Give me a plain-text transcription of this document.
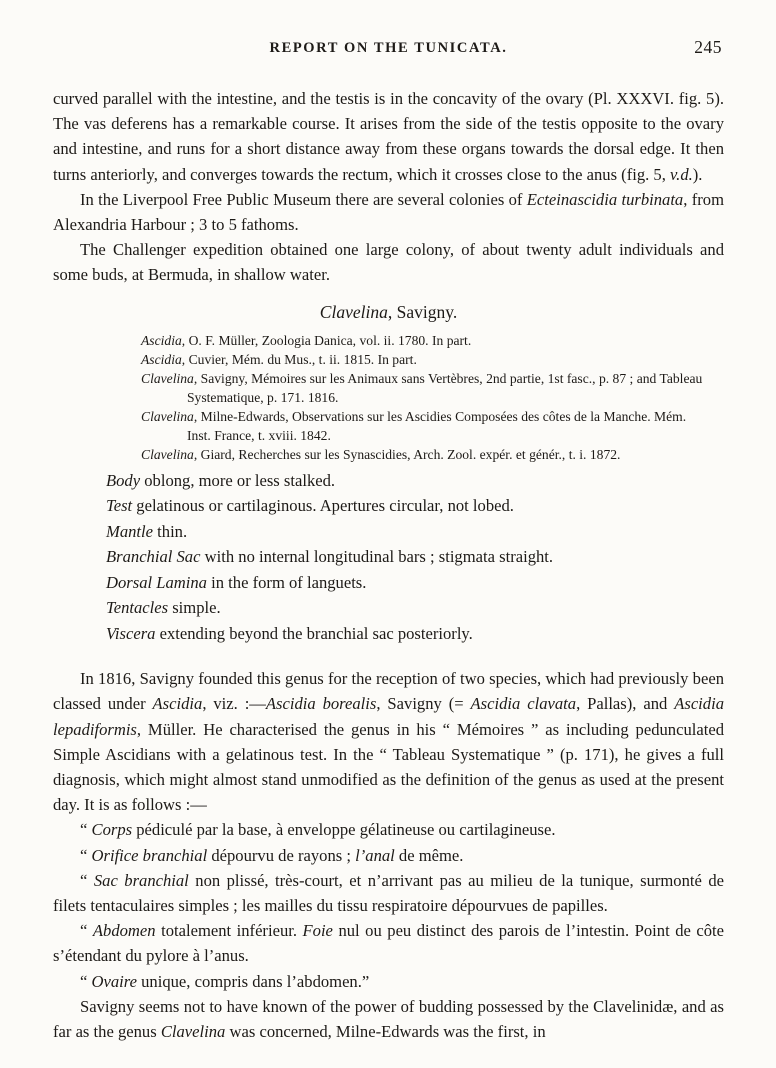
REPORT ON THE TUNICATA.	245

curved parallel with the intestine, and the testis is in the concavity of the ovary (Pl. XXXVI. fig. 5). The vas deferens has a remarkable course. It arises from the side of the testis opposite to the ovary and intestine, and runs for a short distance away from these organs towards the dorsal edge. It then turns anteriorly, and converges towards the rectum, which it crosses close to the anus (fig. 5, v.d.).

In the Liverpool Free Public Museum there are several colonies of Ecteinascidia turbinata, from Alexandria Harbour ; 3 to 5 fathoms.

The Challenger expedition obtained one large colony, of about twenty adult individuals and some buds, at Bermuda, in shallow water.

Clavelina, Savigny.

Ascidia, O. F. Müller, Zoologia Danica, vol. ii. 1780. In part.

Ascidia, Cuvier, Mém. du Mus., t. ii. 1815. In part.

Clavelina, Savigny, Mémoires sur les Animaux sans Vertèbres, 2nd partie, 1st fasc., p. 87 ; and Tableau Systematique, p. 171. 1816.

Clavelina, Milne-Edwards, Observations sur les Ascidies Composées des côtes de la Manche. Mém. Inst. France, t. xviii. 1842.

Clavelina, Giard, Recherches sur les Synascidies, Arch. Zool. expér. et génér., t. i. 1872.

Body oblong, more or less stalked.

Test gelatinous or cartilaginous. Apertures circular, not lobed.

Mantle thin.

Branchial Sac with no internal longitudinal bars ; stigmata straight.

Dorsal Lamina in the form of languets.

Tentacles simple.

Viscera extending beyond the branchial sac posteriorly.

In 1816, Savigny founded this genus for the reception of two species, which had previously been classed under Ascidia, viz. :—Ascidia borealis, Savigny (= Ascidia clavata, Pallas), and Ascidia lepadiformis, Müller. He characterised the genus in his “ Mémoires ” as including pedunculated Simple Ascidians with a gelatinous test. In the “ Tableau Systematique ” (p. 171), he gives a full diagnosis, which might almost stand unmodified as the definition of the genus as used at the present day. It is as follows :—

“ Corps pédiculé par la base, à enveloppe gélatineuse ou cartilagineuse.

“ Orifice branchial dépourvu de rayons ; l’anal de même.

“ Sac branchial non plissé, très-court, et n’arrivant pas au milieu de la tunique, surmonté de filets tentaculaires simples ; les mailles du tissu respiratoire dépourvues de papilles.

“ Abdomen totalement inférieur. Foie nul ou peu distinct des parois de l’intestin. Point de côte s’étendant du pylore à l’anus.

“ Ovaire unique, compris dans l’abdomen.”

Savigny seems not to have known of the power of budding possessed by the Clavelinidæ, and as far as the genus Clavelina was concerned, Milne-Edwards was the first, in
